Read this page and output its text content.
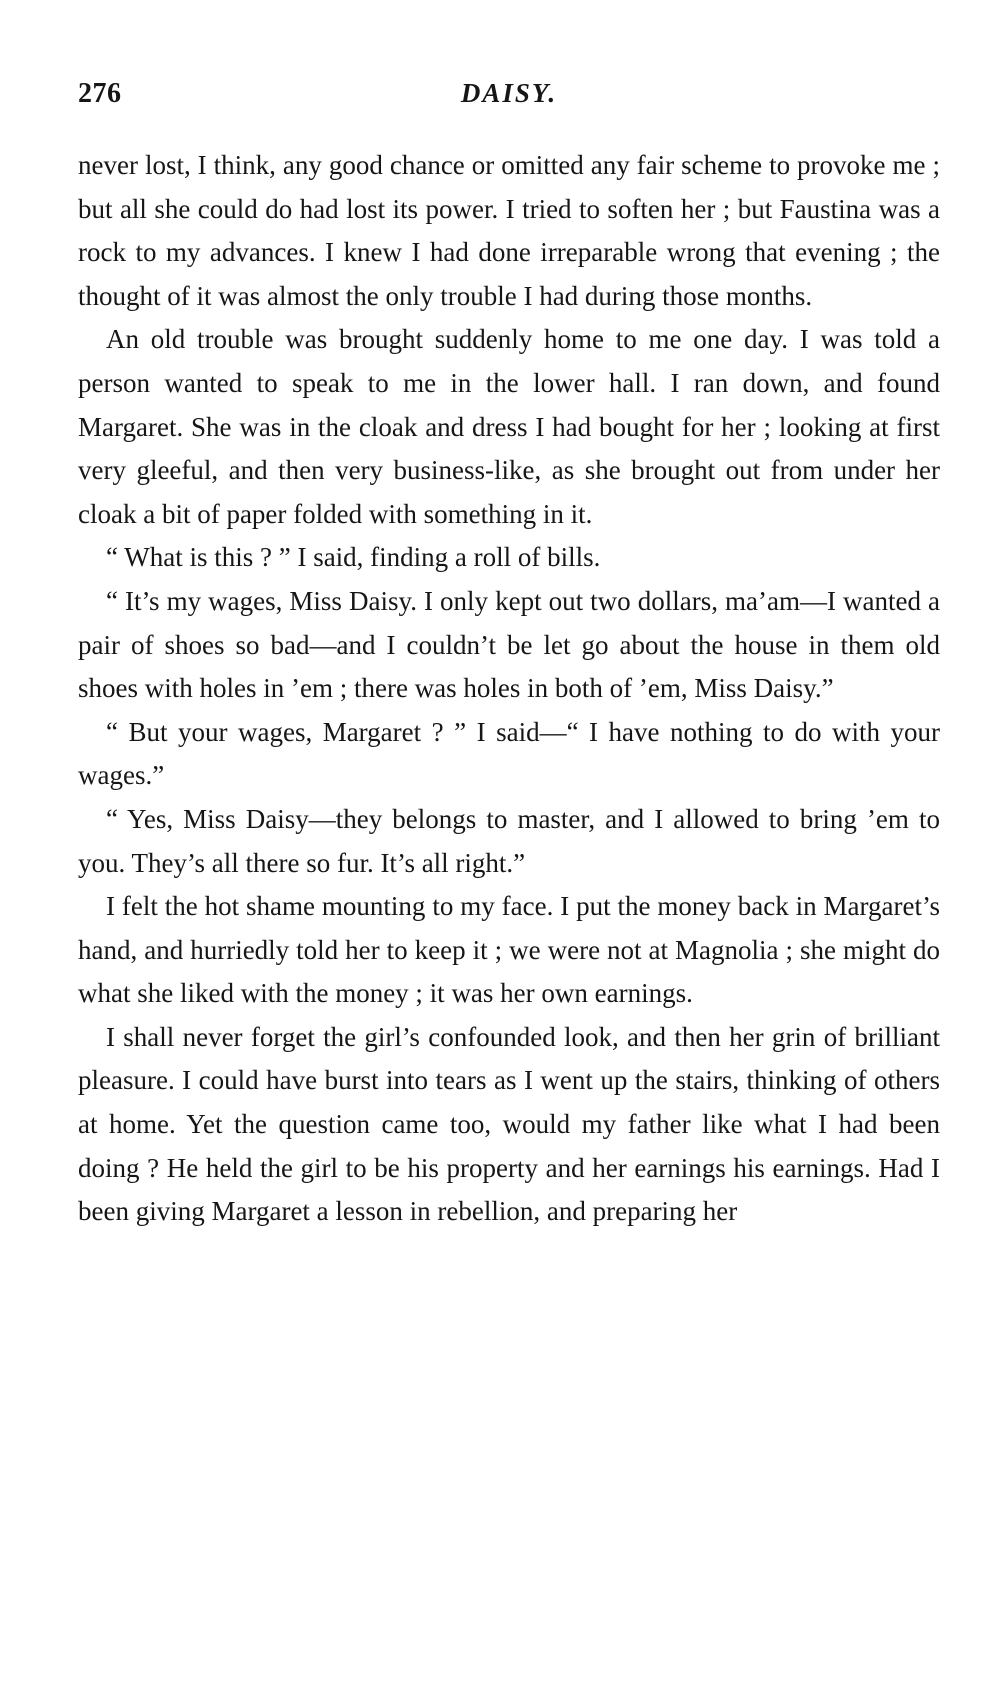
276	DAISY.

never lost, I think, any good chance or omitted any fair scheme to provoke me ; but all she could do had lost its power. I tried to soften her ; but Faustina was a rock to my advances. I knew I had done irreparable wrong that evening ; the thought of it was almost the only trouble I had during those months.

An old trouble was brought suddenly home to me one day. I was told a person wanted to speak to me in the lower hall. I ran down, and found Margaret. She was in the cloak and dress I had bought for her ; looking at first very gleeful, and then very business-like, as she brought out from under her cloak a bit of paper folded with something in it.

“ What is this ? ” I said, finding a roll of bills.

“ It’s my wages, Miss Daisy. I only kept out two dollars, ma’am—I wanted a pair of shoes so bad—and I couldn’t be let go about the house in them old shoes with holes in ’em ; there was holes in both of ’em, Miss Daisy.”

“ But your wages, Margaret ? ” I said—“ I have nothing to do with your wages.”

“ Yes, Miss Daisy—they belongs to master, and I allowed to bring ’em to you. They’s all there so fur. It’s all right.”

I felt the hot shame mounting to my face. I put the money back in Margaret’s hand, and hurriedly told her to keep it ; we were not at Magnolia ; she might do what she liked with the money ; it was her own earnings.

I shall never forget the girl’s confounded look, and then her grin of brilliant pleasure. I could have burst into tears as I went up the stairs, thinking of others at home. Yet the question came too, would my father like what I had been doing ? He held the girl to be his property and her earnings his earnings. Had I been giving Margaret a lesson in rebellion, and preparing her
